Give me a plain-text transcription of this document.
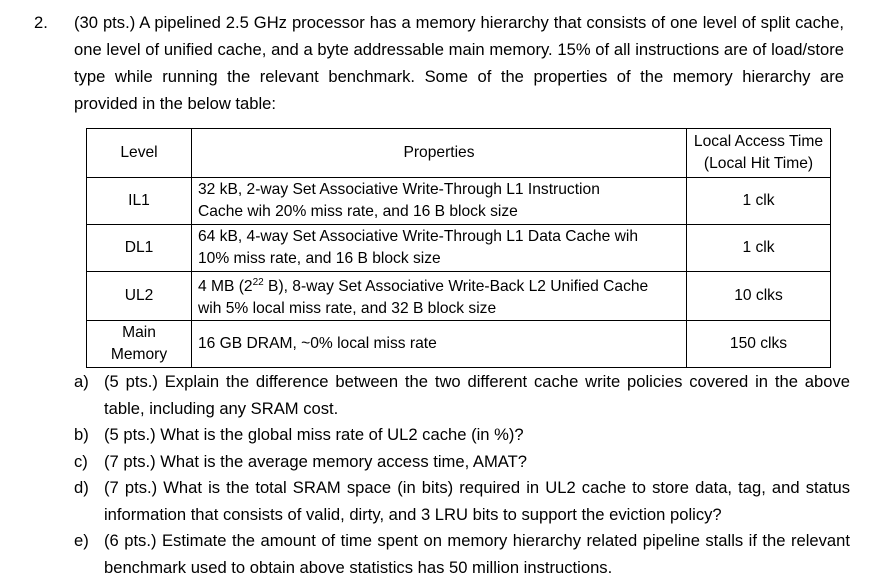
2. (30 pts.) A pipelined 2.5 GHz processor has a memory hierarchy that consists of one level of split cache,
one level of unified cache, and a byte addressable main memory. 15% of all instructions are of load/store
type while running the relevant benchmark. Some of the properties of the memory hierarchy are
provided in the below table:
Level	Properties	Local Access Time
(Local Hit Time)

IL1	32 kB, 2-way Set Associative Write-Through L1 Instruction
Cache wih 20% miss rate, and 16 B block size	1 clk
DL1	64 kB, 4-way Set Associative Write-Through L1 Data Cache wih
10% miss rate, and 16 B block size	1 clk
UL2	4 MB ($2^{22}$ B), 8-way Set Associative Write-Back L2 Unified Cache
wih 5% local miss rate, and 32 B block size	10 clks

Main
Memory	16 GB DRAM, ~0% local miss rate	150 clks
a) (5 pts.) Explain the difference between the two different cache write policies covered in the above
table, including any SRAM cost.
b) (5 pts.) What is the global miss rate of UL2 cache (in %)?
c) (7 pts.) What is the average memory access time, AMAT?
d) (7 pts.) What is the total SRAM space (in bits) required in UL2 cache to store data, tag, and status
information that consists of valid, dirty, and 3 LRU bits to support the eviction policy?
e) (6 pts.) Estimate the amount of time spent on memory hierarchy related pipeline stalls if the relevant
benchmark used to obtain above statistics has 50 million instructions.
